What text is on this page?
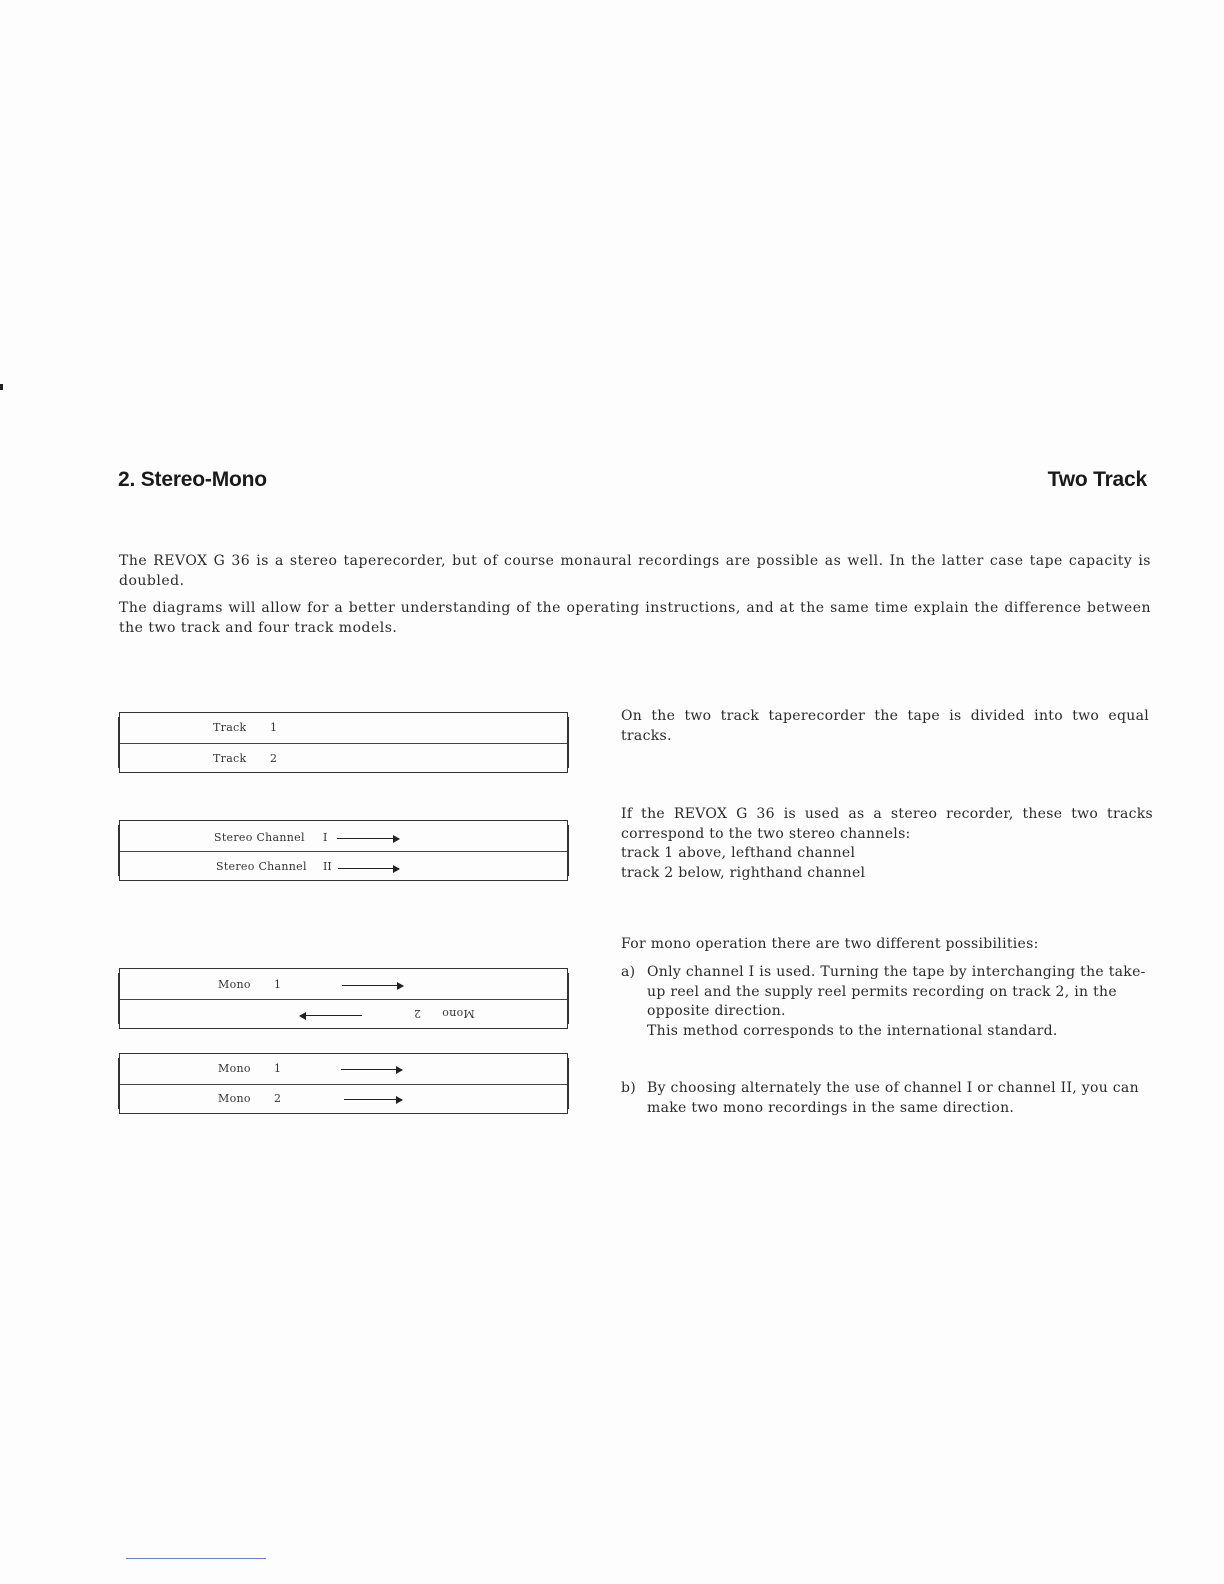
2. Stereo-Mono	Two Track

The REVOX G 36 is a stereo taperecorder, but of course monaural recordings are possible as well. In the latter case tape capacity is doubled.

The diagrams will allow for a better understanding of the operating instructions, and at the same time explain the difference between the two track and four track models.

Track 1
Track 2
Stereo Channel I
Stereo Channel II
Mono 1
2 Mono
Mono 1
Mono 2

On the two track taperecorder the tape is divided into two equal tracks.

If the REVOX G 36 is used as a stereo recorder, these two tracks correspond to the two stereo channels:
track 1 above, lefthand channel
track 2 below, righthand channel

For mono operation there are two different possibilities:

a) Only channel I is used. Turning the tape by interchanging the take-up reel and the supply reel permits recording on track 2, in the opposite direction.
This method corresponds to the international standard.
b) By choosing alternately the use of channel I or channel II, you can make two mono recordings in the same direction.
